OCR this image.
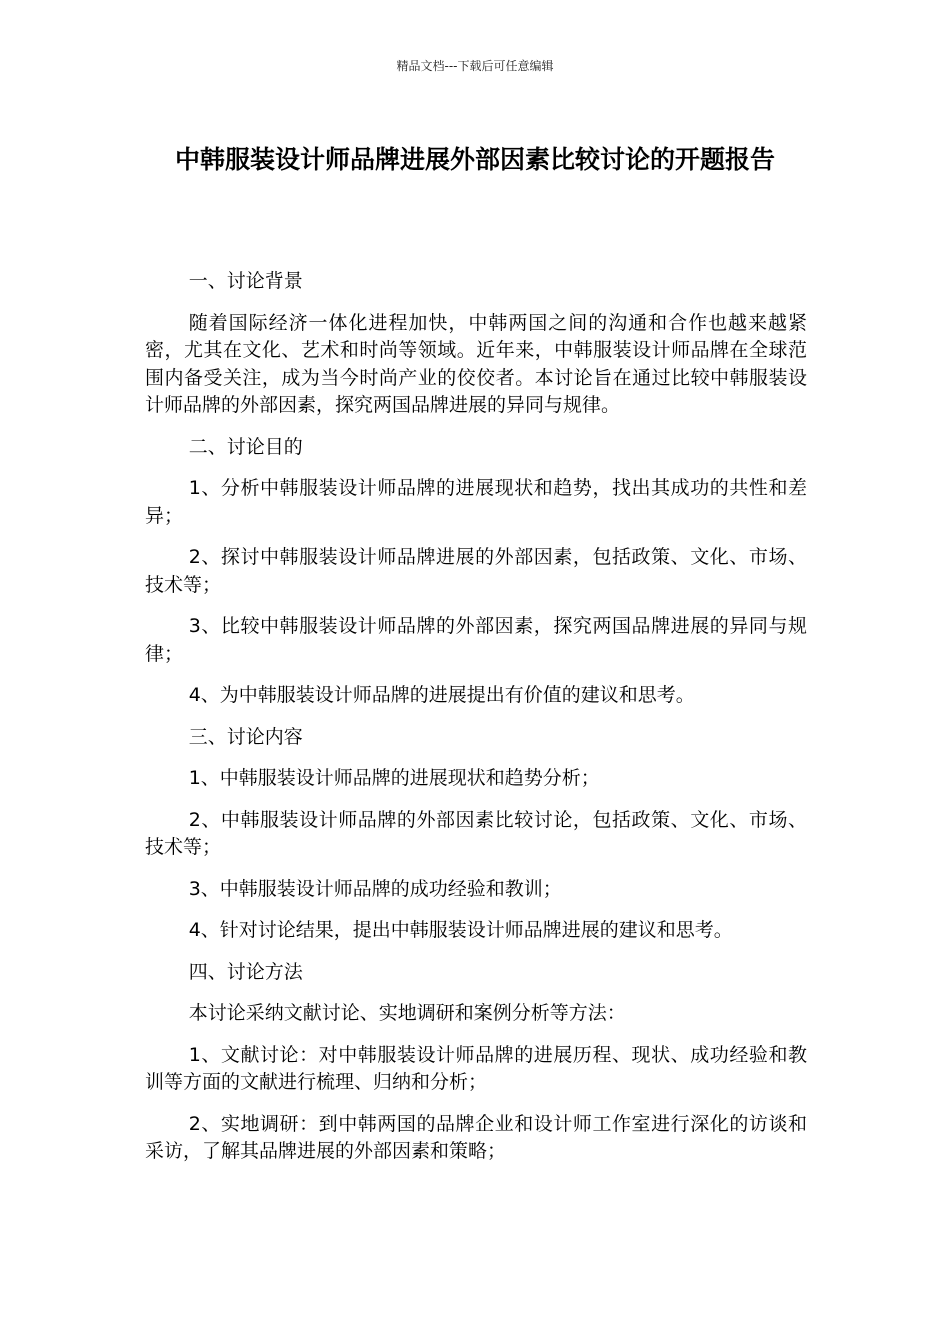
精品文档---下载后可任意编辑
中韩服装设计师品牌进展外部因素比较讨论的开题报告

一、讨论背景

随着国际经济一体化进程加快，中韩两国之间的沟通和合作也越来越紧密，尤其在文化、艺术和时尚等领域。近年来，中韩服装设计师品牌在全球范围内备受关注，成为当今时尚产业的佼佼者。本讨论旨在通过比较中韩服装设计师品牌的外部因素，探究两国品牌进展的异同与规律。

二、讨论目的

1、分析中韩服装设计师品牌的进展现状和趋势，找出其成功的共性和差异；

2、探讨中韩服装设计师品牌进展的外部因素，包括政策、文化、市场、技术等；

3、比较中韩服装设计师品牌的外部因素，探究两国品牌进展的异同与规律；

4、为中韩服装设计师品牌的进展提出有价值的建议和思考。

三、讨论内容

1、中韩服装设计师品牌的进展现状和趋势分析；

2、中韩服装设计师品牌的外部因素比较讨论，包括政策、文化、市场、技术等；

3、中韩服装设计师品牌的成功经验和教训；

4、针对讨论结果，提出中韩服装设计师品牌进展的建议和思考。

四、讨论方法

本讨论采纳文献讨论、实地调研和案例分析等方法：

1、文献讨论：对中韩服装设计师品牌的进展历程、现状、成功经验和教训等方面的文献进行梳理、归纳和分析；

2、实地调研：到中韩两国的品牌企业和设计师工作室进行深化的访谈和采访，了解其品牌进展的外部因素和策略；
